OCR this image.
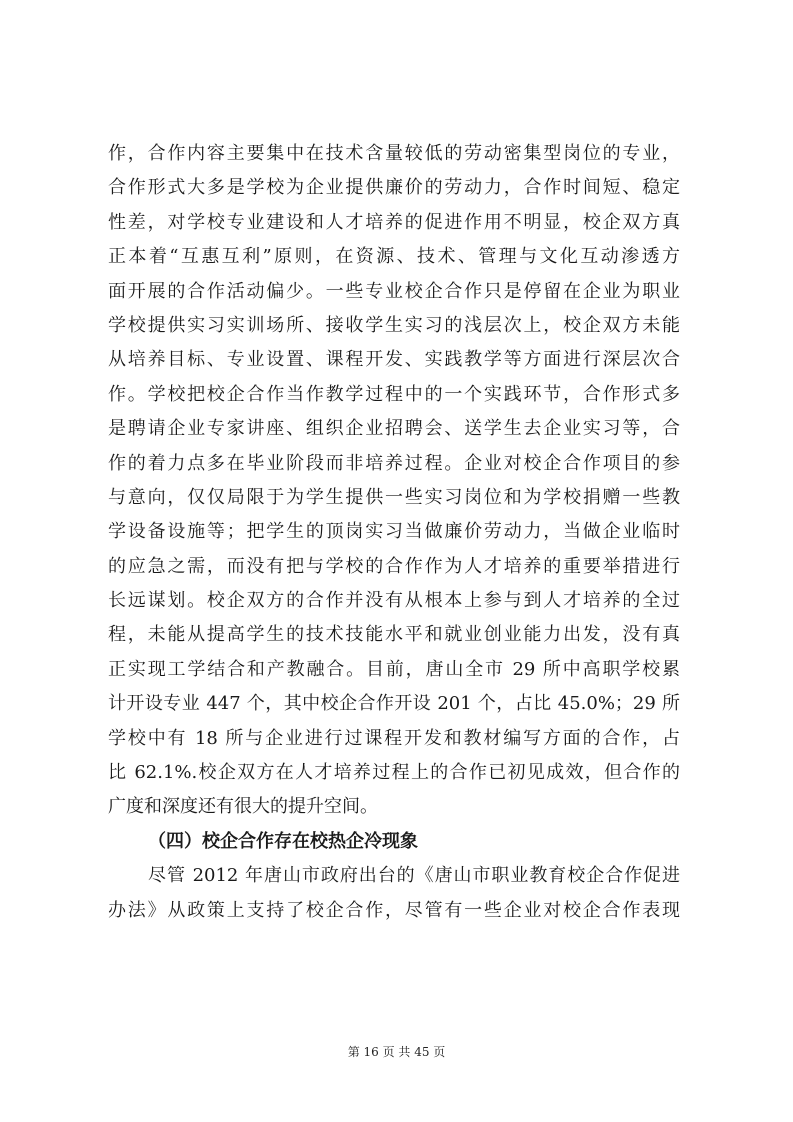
作，合作内容主要集中在技术含量较低的劳动密集型岗位的专业，
合作形式大多是学校为企业提供廉价的劳动力，合作时间短、稳定
性差，对学校专业建设和人才培养的促进作用不明显，校企双方真
正本着“互惠互利”原则，在资源、技术、管理与文化互动渗透方
面开展的合作活动偏少。一些专业校企合作只是停留在企业为职业
学校提供实习实训场所、接收学生实习的浅层次上，校企双方未能
从培养目标、专业设置、课程开发、实践教学等方面进行深层次合
作。学校把校企合作当作教学过程中的一个实践环节，合作形式多
是聘请企业专家讲座、组织企业招聘会、送学生去企业实习等，合
作的着力点多在毕业阶段而非培养过程。企业对校企合作项目的参
与意向，仅仅局限于为学生提供一些实习岗位和为学校捐赠一些教
学设备设施等；把学生的顶岗实习当做廉价劳动力，当做企业临时
的应急之需，而没有把与学校的合作作为人才培养的重要举措进行
长远谋划。校企双方的合作并没有从根本上参与到人才培养的全过
程，未能从提高学生的技术技能水平和就业创业能力出发，没有真
正实现工学结合和产教融合。目前，唐山全市 29 所中高职学校累
计开设专业 447 个，其中校企合作开设 201 个，占比 45.0%；29 所
学校中有 18 所与企业进行过课程开发和教材编写方面的合作，占
比 62.1%.校企双方在人才培养过程上的合作已初见成效，但合作的
广度和深度还有很大的提升空间。
（四）校企合作存在校热企冷现象
尽管 2012 年唐山市政府出台的《唐山市职业教育校企合作促进
办法》从政策上支持了校企合作，尽管有一些企业对校企合作表现
第 16 页 共 45 页
